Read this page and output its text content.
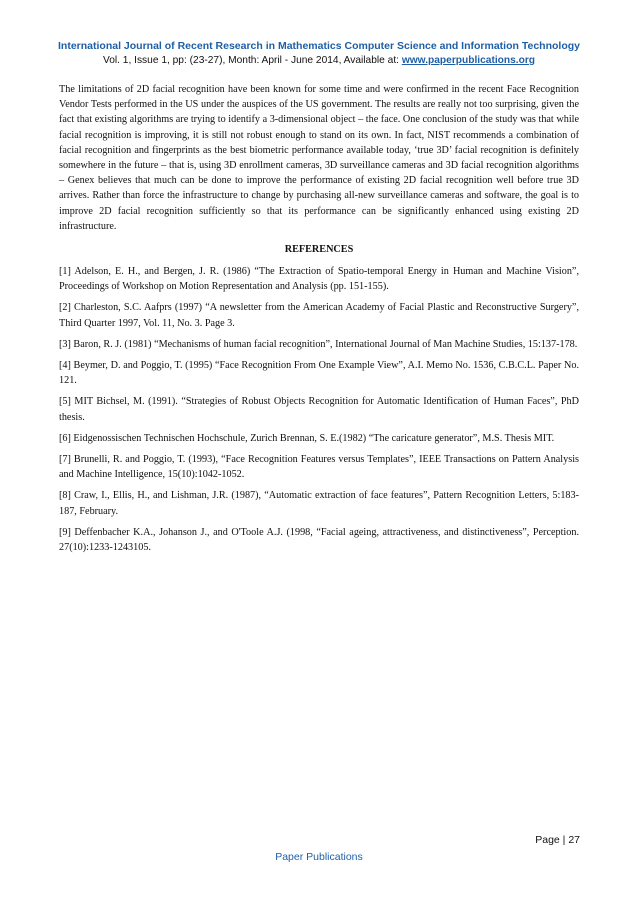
International Journal of Recent Research in Mathematics Computer Science and Information Technology
Vol. 1, Issue 1, pp: (23-27), Month: April - June 2014, Available at: www.paperpublications.org

The limitations of 2D facial recognition have been known for some time and were confirmed in the recent Face Recognition Vendor Tests performed in the US under the auspices of the US government. The results are really not too surprising, given the fact that existing algorithms are trying to identify a 3-dimensional object – the face. One conclusion of the study was that while facial recognition is improving, it is still not robust enough to stand on its own. In fact, NIST recommends a combination of facial recognition and fingerprints as the best biometric performance available today, ‘true 3D’ facial recognition is definitely somewhere in the future – that is, using 3D enrollment cameras, 3D surveillance cameras and 3D facial recognition algorithms – Genex believes that much can be done to improve the performance of existing 2D facial recognition well before true 3D arrives. Rather than force the infrastructure to change by purchasing all-new surveillance cameras and software, the goal is to improve 2D facial recognition sufficiently so that its performance can be significantly enhanced using existing 2D infrastructure.

REFERENCES

[1] Adelson, E. H., and Bergen, J. R. (1986) “The Extraction of Spatio-temporal Energy in Human and Machine Vision”, Proceedings of Workshop on Motion Representation and Analysis (pp. 151-155).

[2] Charleston, S.C. Aafprs (1997) “A newsletter from the American Academy of Facial Plastic and Reconstructive Surgery”, Third Quarter 1997, Vol. 11, No. 3. Page 3.

[3] Baron, R. J. (1981) “Mechanisms of human facial recognition”, International Journal of Man Machine Studies, 15:137-178.

[4] Beymer, D. and Poggio, T. (1995) “Face Recognition From One Example View”, A.I. Memo No. 1536, C.B.C.L. Paper No. 121.

[5] MIT Bichsel, M. (1991). “Strategies of Robust Objects Recognition for Automatic Identification of Human Faces”, PhD thesis.

[6] Eidgenossischen Technischen Hochschule, Zurich Brennan, S. E.(1982) “The caricature generator”, M.S. Thesis MIT.

[7] Brunelli, R. and Poggio, T. (1993), “Face Recognition Features versus Templates”, IEEE Transactions on Pattern Analysis and Machine Intelligence, 15(10):1042-1052.

[8] Craw, I., Ellis, H., and Lishman, J.R. (1987), “Automatic extraction of face features”, Pattern Recognition Letters, 5:183-187, February.

[9] Deffenbacher K.A., Johanson J., and O'Toole A.J. (1998, “Facial ageing, attractiveness, and distinctiveness”, Perception. 27(10):1233-1243105.

Page | 27
Paper Publications
